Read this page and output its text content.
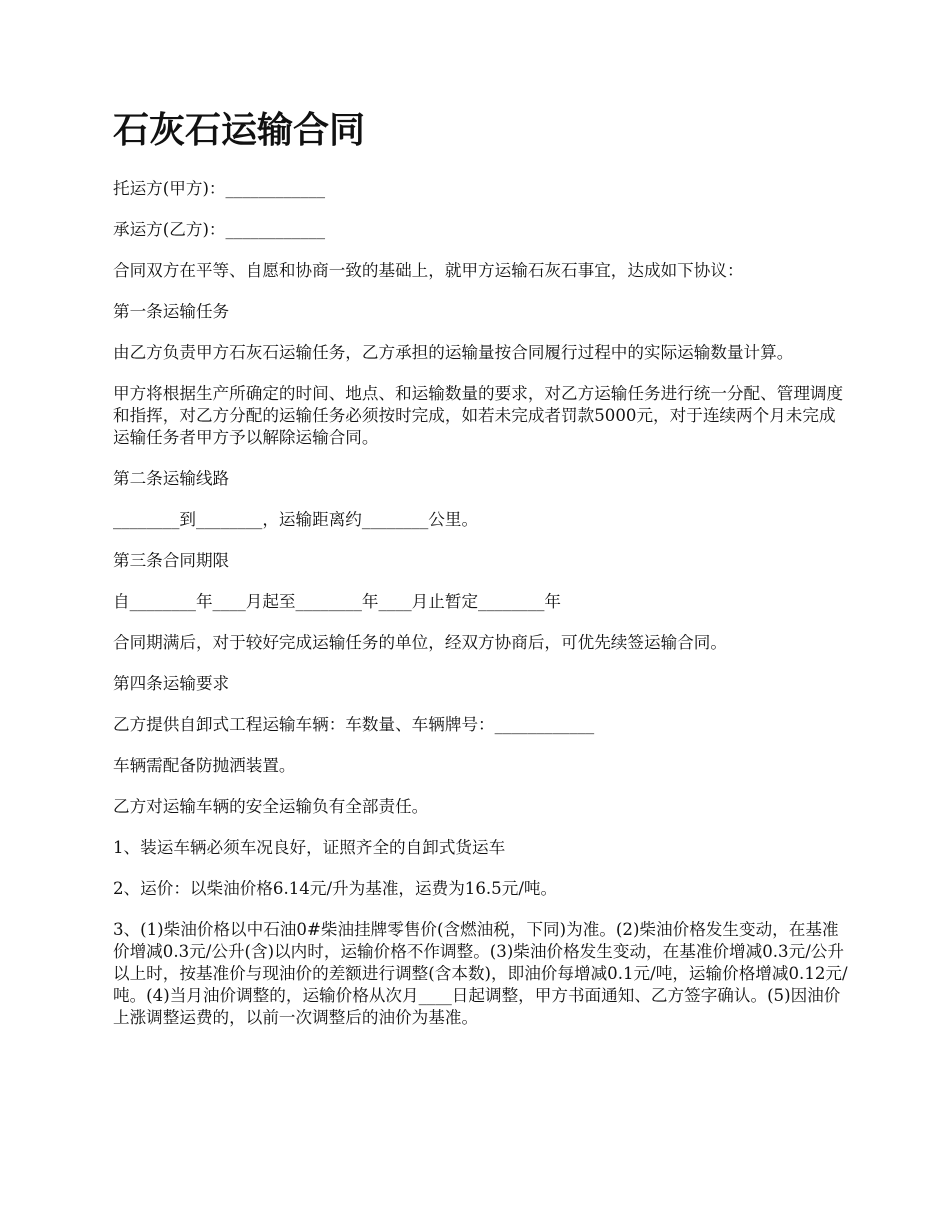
石灰石运输合同

托运方(甲方)：____________

承运方(乙方)：____________

合同双方在平等、自愿和协商一致的基础上，就甲方运输石灰石事宜，达成如下协议：

第一条运输任务

由乙方负责甲方石灰石运输任务，乙方承担的运输量按合同履行过程中的实际运输数量计算。

甲方将根据生产所确定的时间、地点、和运输数量的要求，对乙方运输任务进行统一分配、管理调度和指挥，对乙方分配的运输任务必须按时完成，如若未完成者罚款5000元，对于连续两个月未完成运输任务者甲方予以解除运输合同。

第二条运输线路

________到________，运输距离约________公里。

第三条合同期限

自________年____月起至________年____月止暂定________年

合同期满后，对于较好完成运输任务的单位，经双方协商后，可优先续签运输合同。

第四条运输要求

乙方提供自卸式工程运输车辆：车数量、车辆牌号：____________

车辆需配备防抛洒装置。

乙方对运输车辆的安全运输负有全部责任。

1、装运车辆必须车况良好，证照齐全的自卸式货运车

2、运价：以柴油价格6.14元/升为基准，运费为16.5元/吨。

3、(1)柴油价格以中石油0#柴油挂牌零售价(含燃油税，下同)为准。(2)柴油价格发生变动，在基准价增减0.3元/公升(含)以内时，运输价格不作调整。(3)柴油价格发生变动，在基准价增减0.3元/公升以上时，按基准价与现油价的差额进行调整(含本数)，即油价每增减0.1元/吨，运输价格增减0.12元/吨。(4)当月油价调整的，运输价格从次月____日起调整，甲方书面通知、乙方签字确认。(5)因油价上涨调整运费的，以前一次调整后的油价为基准。
